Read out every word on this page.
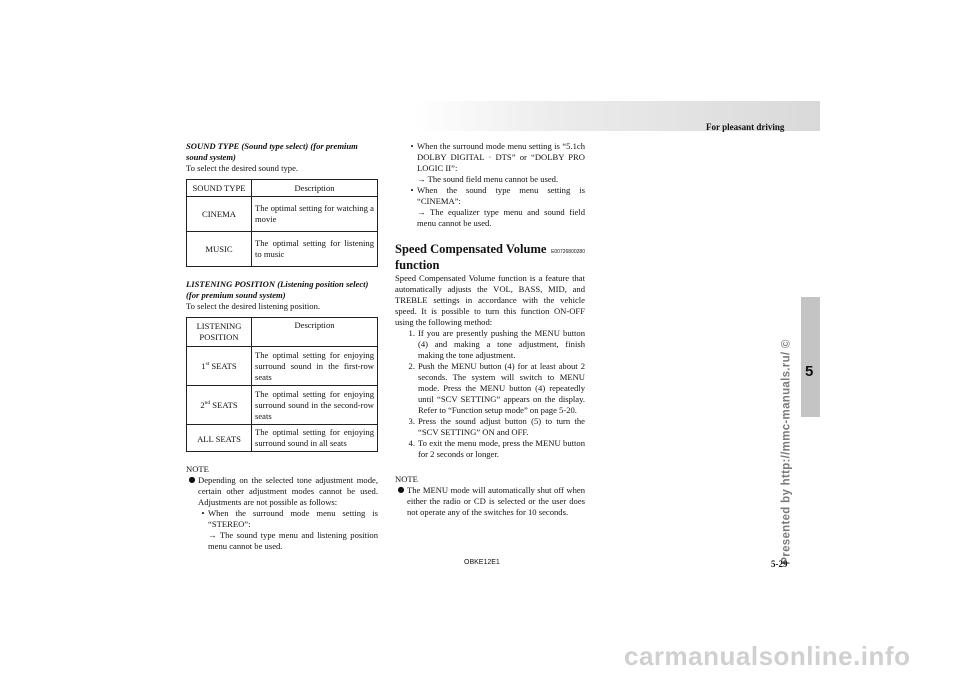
For pleasant driving
5
Presented by http://mmc-manuals.ru/ ©

SOUND TYPE (Sound type select) (for premium sound system)

To select the desired sound type.

SOUND TYPE	Description
CINEMA	The optimal setting for watching a movie
MUSIC	The optimal setting for listening to music

LISTENING POSITION (Listening position select) (for premium sound system)

To select the desired listening position.

LISTENING POSITION	Description
1st SEATS	The optimal setting for enjoying surround sound in the first-row seats
2nd SEATS	The optimal setting for enjoying surround sound in the second-row seats
ALL SEATS	The optimal setting for enjoying surround sound in all seats

NOTE

● Depending on the selected tone adjustment mode, certain other adjustment modes cannot be used. Adjustments are not possible as follows:

• When the surround mode menu setting is “STEREO”:

→ The sound type menu and listening position menu cannot be used.

• When the surround mode menu setting is “5.1ch DOLBY DIGITAL · DTS” or “DOLBY PRO LOGIC II”:

→ The sound field menu cannot be used.

• When the sound type menu setting is “CINEMA”:

→ The equalizer type menu and sound field menu cannot be used.

Speed Compensated Volume function
E00726800280

Speed Compensated Volume function is a feature that automatically adjusts the VOL, BASS, MID, and TREBLE settings in accordance with the vehicle speed. It is possible to turn this function ON-OFF using the following method:

1. If you are presently pushing the MENU button (4) and making a tone adjustment, finish making the tone adjustment.
2. Push the MENU button (4) for at least about 2 seconds. The system will switch to MENU mode. Press the MENU button (4) repeatedly until “SCV SETTING” appears on the display. Refer to “Function setup mode” on page 5-20.
3. Press the sound adjust button (5) to turn the “SCV SETTING” ON and OFF.
4. To exit the menu mode, press the MENU button for 2 seconds or longer.

NOTE

● The MENU mode will automatically shut off when either the radio or CD is selected or the user does not operate any of the switches for 10 seconds.

OBKE12E1	5-29
carmanualsonline.info
